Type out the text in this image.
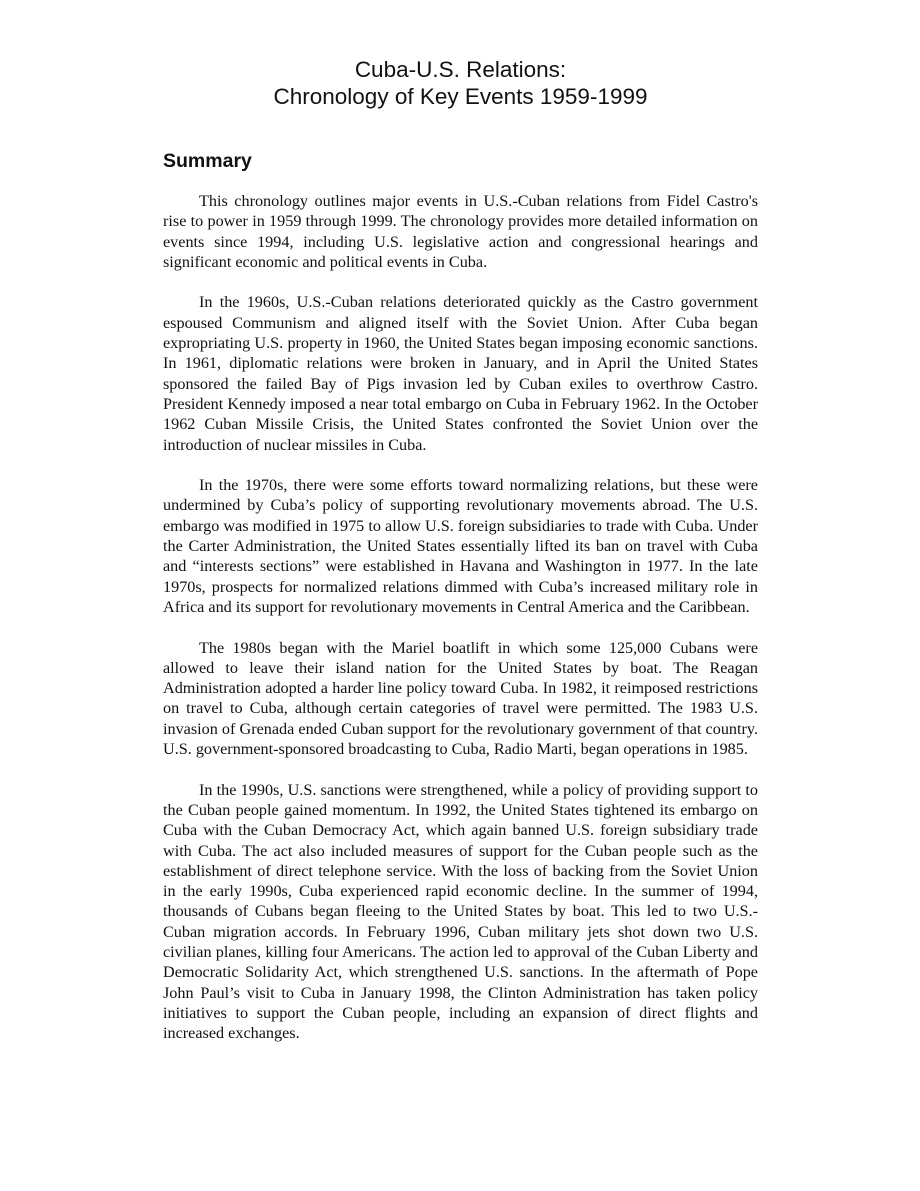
Cuba-U.S. Relations:
Chronology of Key Events 1959-1999
Summary

This chronology outlines major events in U.S.-Cuban relations from Fidel Castro's rise to power in 1959 through 1999. The chronology provides more detailed information on events since 1994, including U.S. legislative action and congressional hearings and significant economic and political events in Cuba.

In the 1960s, U.S.-Cuban relations deteriorated quickly as the Castro government espoused Communism and aligned itself with the Soviet Union. After Cuba began expropriating U.S. property in 1960, the United States began imposing economic sanctions. In 1961, diplomatic relations were broken in January, and in April the United States sponsored the failed Bay of Pigs invasion led by Cuban exiles to overthrow Castro. President Kennedy imposed a near total embargo on Cuba in February 1962. In the October 1962 Cuban Missile Crisis, the United States confronted the Soviet Union over the introduction of nuclear missiles in Cuba.

In the 1970s, there were some efforts toward normalizing relations, but these were undermined by Cuba’s policy of supporting revolutionary movements abroad. The U.S. embargo was modified in 1975 to allow U.S. foreign subsidiaries to trade with Cuba. Under the Carter Administration, the United States essentially lifted its ban on travel with Cuba and “interests sections” were established in Havana and Washington in 1977. In the late 1970s, prospects for normalized relations dimmed with Cuba’s increased military role in Africa and its support for revolutionary movements in Central America and the Caribbean.

The 1980s began with the Mariel boatlift in which some 125,000 Cubans were allowed to leave their island nation for the United States by boat. The Reagan Administration adopted a harder line policy toward Cuba. In 1982, it reimposed restrictions on travel to Cuba, although certain categories of travel were permitted. The 1983 U.S. invasion of Grenada ended Cuban support for the revolutionary government of that country. U.S. government-sponsored broadcasting to Cuba, Radio Marti, began operations in 1985.

In the 1990s, U.S. sanctions were strengthened, while a policy of providing support to the Cuban people gained momentum. In 1992, the United States tightened its embargo on Cuba with the Cuban Democracy Act, which again banned U.S. foreign subsidiary trade with Cuba. The act also included measures of support for the Cuban people such as the establishment of direct telephone service. With the loss of backing from the Soviet Union in the early 1990s, Cuba experienced rapid economic decline. In the summer of 1994, thousands of Cubans began fleeing to the United States by boat. This led to two U.S.-Cuban migration accords. In February 1996, Cuban military jets shot down two U.S. civilian planes, killing four Americans. The action led to approval of the Cuban Liberty and Democratic Solidarity Act, which strengthened U.S. sanctions. In the aftermath of Pope John Paul’s visit to Cuba in January 1998, the Clinton Administration has taken policy initiatives to support the Cuban people, including an expansion of direct flights and increased exchanges.
